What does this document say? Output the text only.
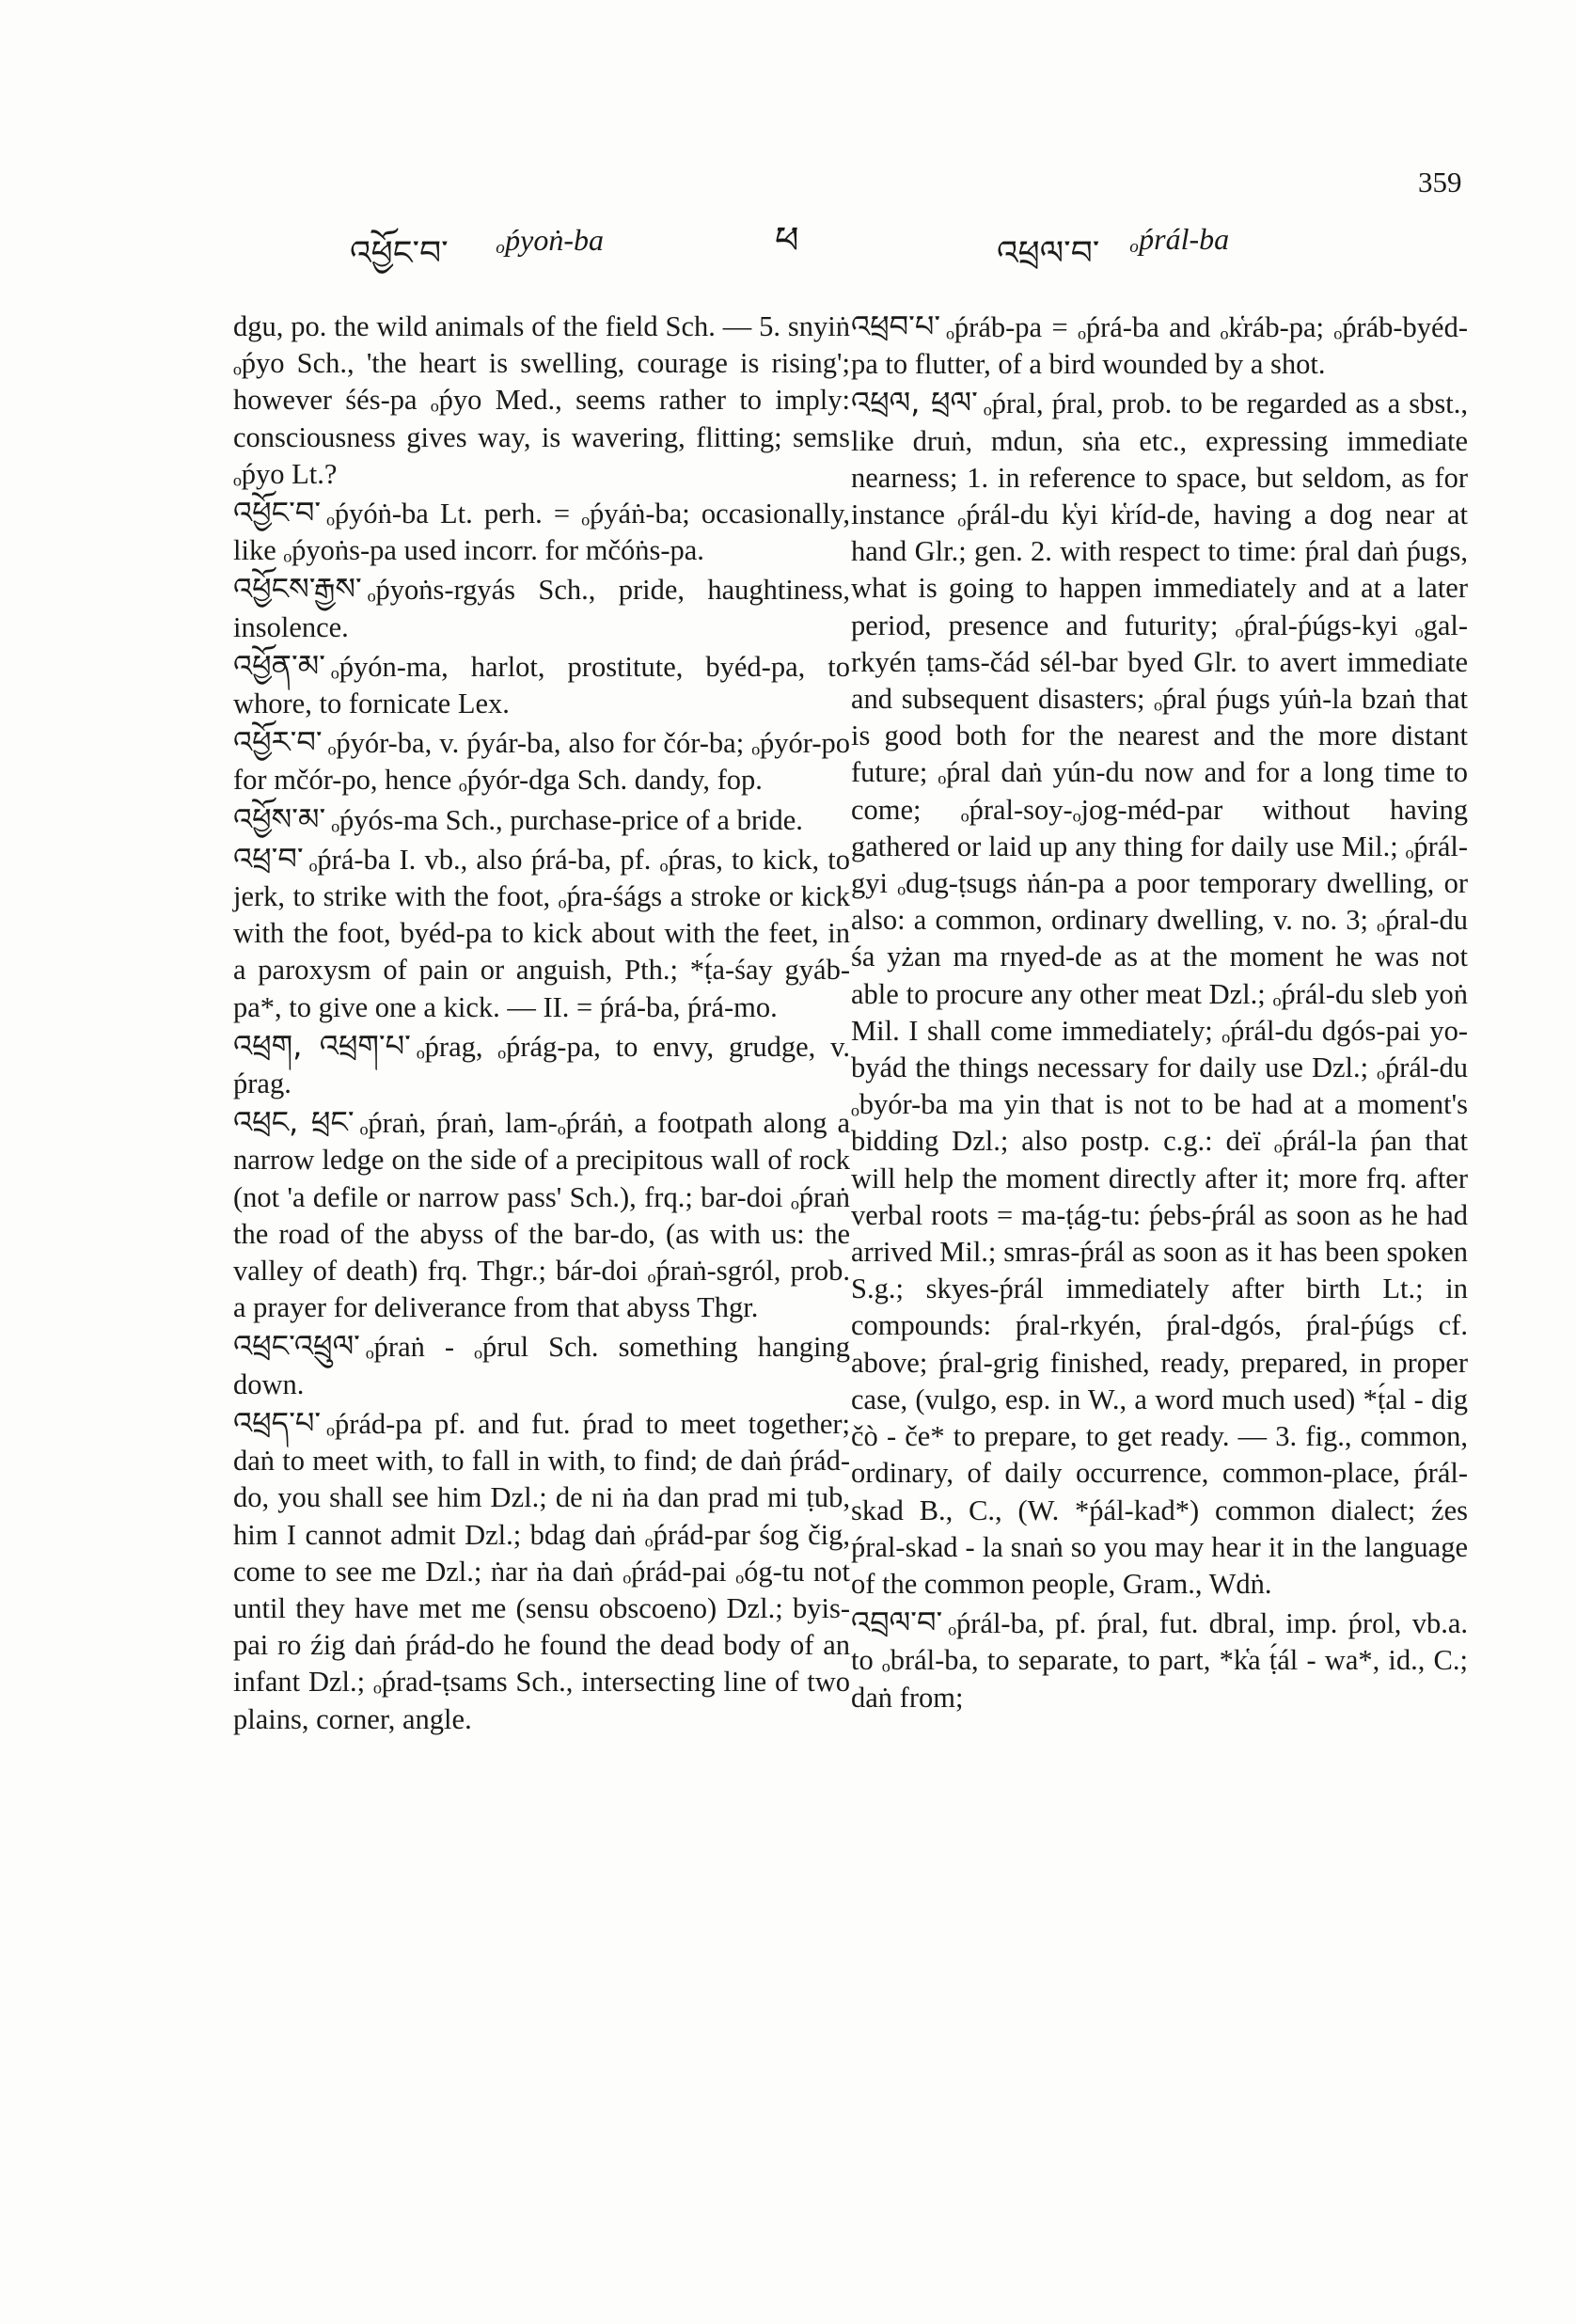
359
འཕྱོང་བ་ ₒṕyoṅ-ba	ཕ	འཕྲལ་བ་ ₒṕrál-ba
dgu, po. the wild animals of the field Sch. — 5. snyiṅ ₒṕyo Sch., 'the heart is swelling, courage is rising'; however śés-pa ₒṕyo Med., seems rather to imply: consciousness gives way, is wavering, flitting; sems ₒṕyo Lt.?
འཕྱོང་བ་ ₒṕyóṅ-ba Lt. perh. = ₒṕyáṅ-ba; occasionally, like ₒṕyoṅs-pa used incorr. for mčóṅs-pa.
འཕྱོངས་རྒྱས་ ₒṕyoṅs-rgyás Sch., pride, haughtiness, insolence.
འཕྱོན་མ་ ₒṕyón-ma, harlot, prostitute, byéd-pa, to whore, to fornicate Lex.
འཕྱོར་བ་ ₒṕyór-ba, v. ṕyár-ba, also for čór-ba; ₒṕyór-po for mčór-po, hence ₒṕyór-dga Sch. dandy, fop.
འཕྱོས་མ་ ₒṕyós-ma Sch., purchase-price of a bride.
འཕྲ་བ་ ₒṕrá-ba I. vb., also ṕrá-ba, pf. ₒṕras, to kick, to jerk, to strike with the foot, ₒṕra-śágs a stroke or kick with the foot, byéd-pa to kick about with the feet, in a paroxysm of pain or anguish, Pth.; *ṭ́a-śay gyáb-pa*, to give one a kick. — II. = ṕrá-ba, ṕrá-mo.
འཕྲག, འཕྲག་པ་ ₒṕrag, ₒṕrág-pa, to envy, grudge, v. ṕrag.
འཕྲང, ཕྲང་ ₒṕraṅ, ṕraṅ, lam-ₒṕráṅ, a footpath along a narrow ledge on the side of a precipitous wall of rock (not 'a defile or narrow pass' Sch.), frq.; bar-doi ₒṕraṅ the road of the abyss of the bar-do, (as with us: the valley of death) frq. Thgr.; bár-doi ₒṕraṅ-sgról, prob. a prayer for deliverance from that abyss Thgr.
འཕྲང་འཕྲུལ་ ₒṕraṅ - ₒṕrul Sch. something hanging down.
འཕྲད་པ་ ₒṕrád-pa pf. and fut. ṕrad to meet together; daṅ to meet with, to fall in with, to find; de daṅ ṕrád-do, you shall see him Dzl.; de ni ṅa dan prad mi ṭub, him I cannot admit Dzl.; bdag daṅ ₒṕrád-par śog čig, come to see me Dzl.; ṅar ṅa daṅ ₒṕrád-pai ₒóg-tu not until they have met me (sensu obscoeno) Dzl.; byis-pai ro źig daṅ ṕrád-do he found the dead body of an infant Dzl.; ₒṕrad-ṭsams Sch., intersecting line of two plains, corner, angle.
འཕྲབ་པ་ ₒṕráb-pa = ₒṕrá-ba and ₒk̔ráb-pa; ₒṕráb-byéd-pa to flutter, of a bird wounded by a shot.
འཕྲལ, ཕྲལ་ ₒṕral, ṕral, prob. to be regarded as a sbst., like druṅ, mdun, sṅa etc., expressing immediate nearness; 1. in reference to space, but seldom, as for instance ₒṕrál-du k̔yi k̔ríd-de, having a dog near at hand Glr.; gen. 2. with respect to time: ṕral daṅ ṕugs, what is going to happen immediately and at a later period, presence and futurity; ₒṕral-ṕúgs-kyi ₒgal-rkyén ṭams-čád sél-bar byed Glr. to avert immediate and subsequent disasters; ₒṕral ṕugs yúṅ-la bzaṅ that is good both for the nearest and the more distant future; ₒṕral daṅ yún-du now and for a long time to come; ₒṕral-soy-ₒjog-méd-par without having gathered or laid up any thing for daily use Mil.; ₒṕrál-gyi ₒdug-ṭsugs ṅán-pa a poor temporary dwelling, or also: a common, ordinary dwelling, v. no. 3; ₒṕral-du śa yżan ma rnyed-de as at the moment he was not able to procure any other meat Dzl.; ₒṕrál-du sleb yoṅ Mil. I shall come immediately; ₒṕrál-du dgós-pai yo-byád the things necessary for daily use Dzl.; ₒṕrál-du ₒbyór-ba ma yin that is not to be had at a moment's bidding Dzl.; also postp. c.g.: deï ₒṕrál-la ṕan that will help the moment directly after it; more frq. after verbal roots = ma-ṭág-tu: ṕebs-ṕrál as soon as he had arrived Mil.; smras-ṕrál as soon as it has been spoken S.g.; skyes-ṕrál immediately after birth Lt.; in compounds: ṕral-rkyén, ṕral-dgós, ṕral-ṕúgs cf. above; ṕral-grig finished, ready, prepared, in proper case, (vulgo, esp. in W., a word much used) *ṭ́al - dig čò - če* to prepare, to get ready. — 3. fig., common, ordinary, of daily occurrence, common-place, ṕrál-skad B., C., (W. *ṕál-kad*) common dialect; źes ṕral-skad - la snaṅ so you may hear it in the language of the common people, Gram., Wdṅ.
འབྲལ་བ་ ₒṕrál-ba, pf. ṕral, fut. dbral, imp. ṕrol, vb.a. to ₒbrál-ba, to separate, to part, *k̔a ṭ́ál - wa*, id., C.; daṅ from;
